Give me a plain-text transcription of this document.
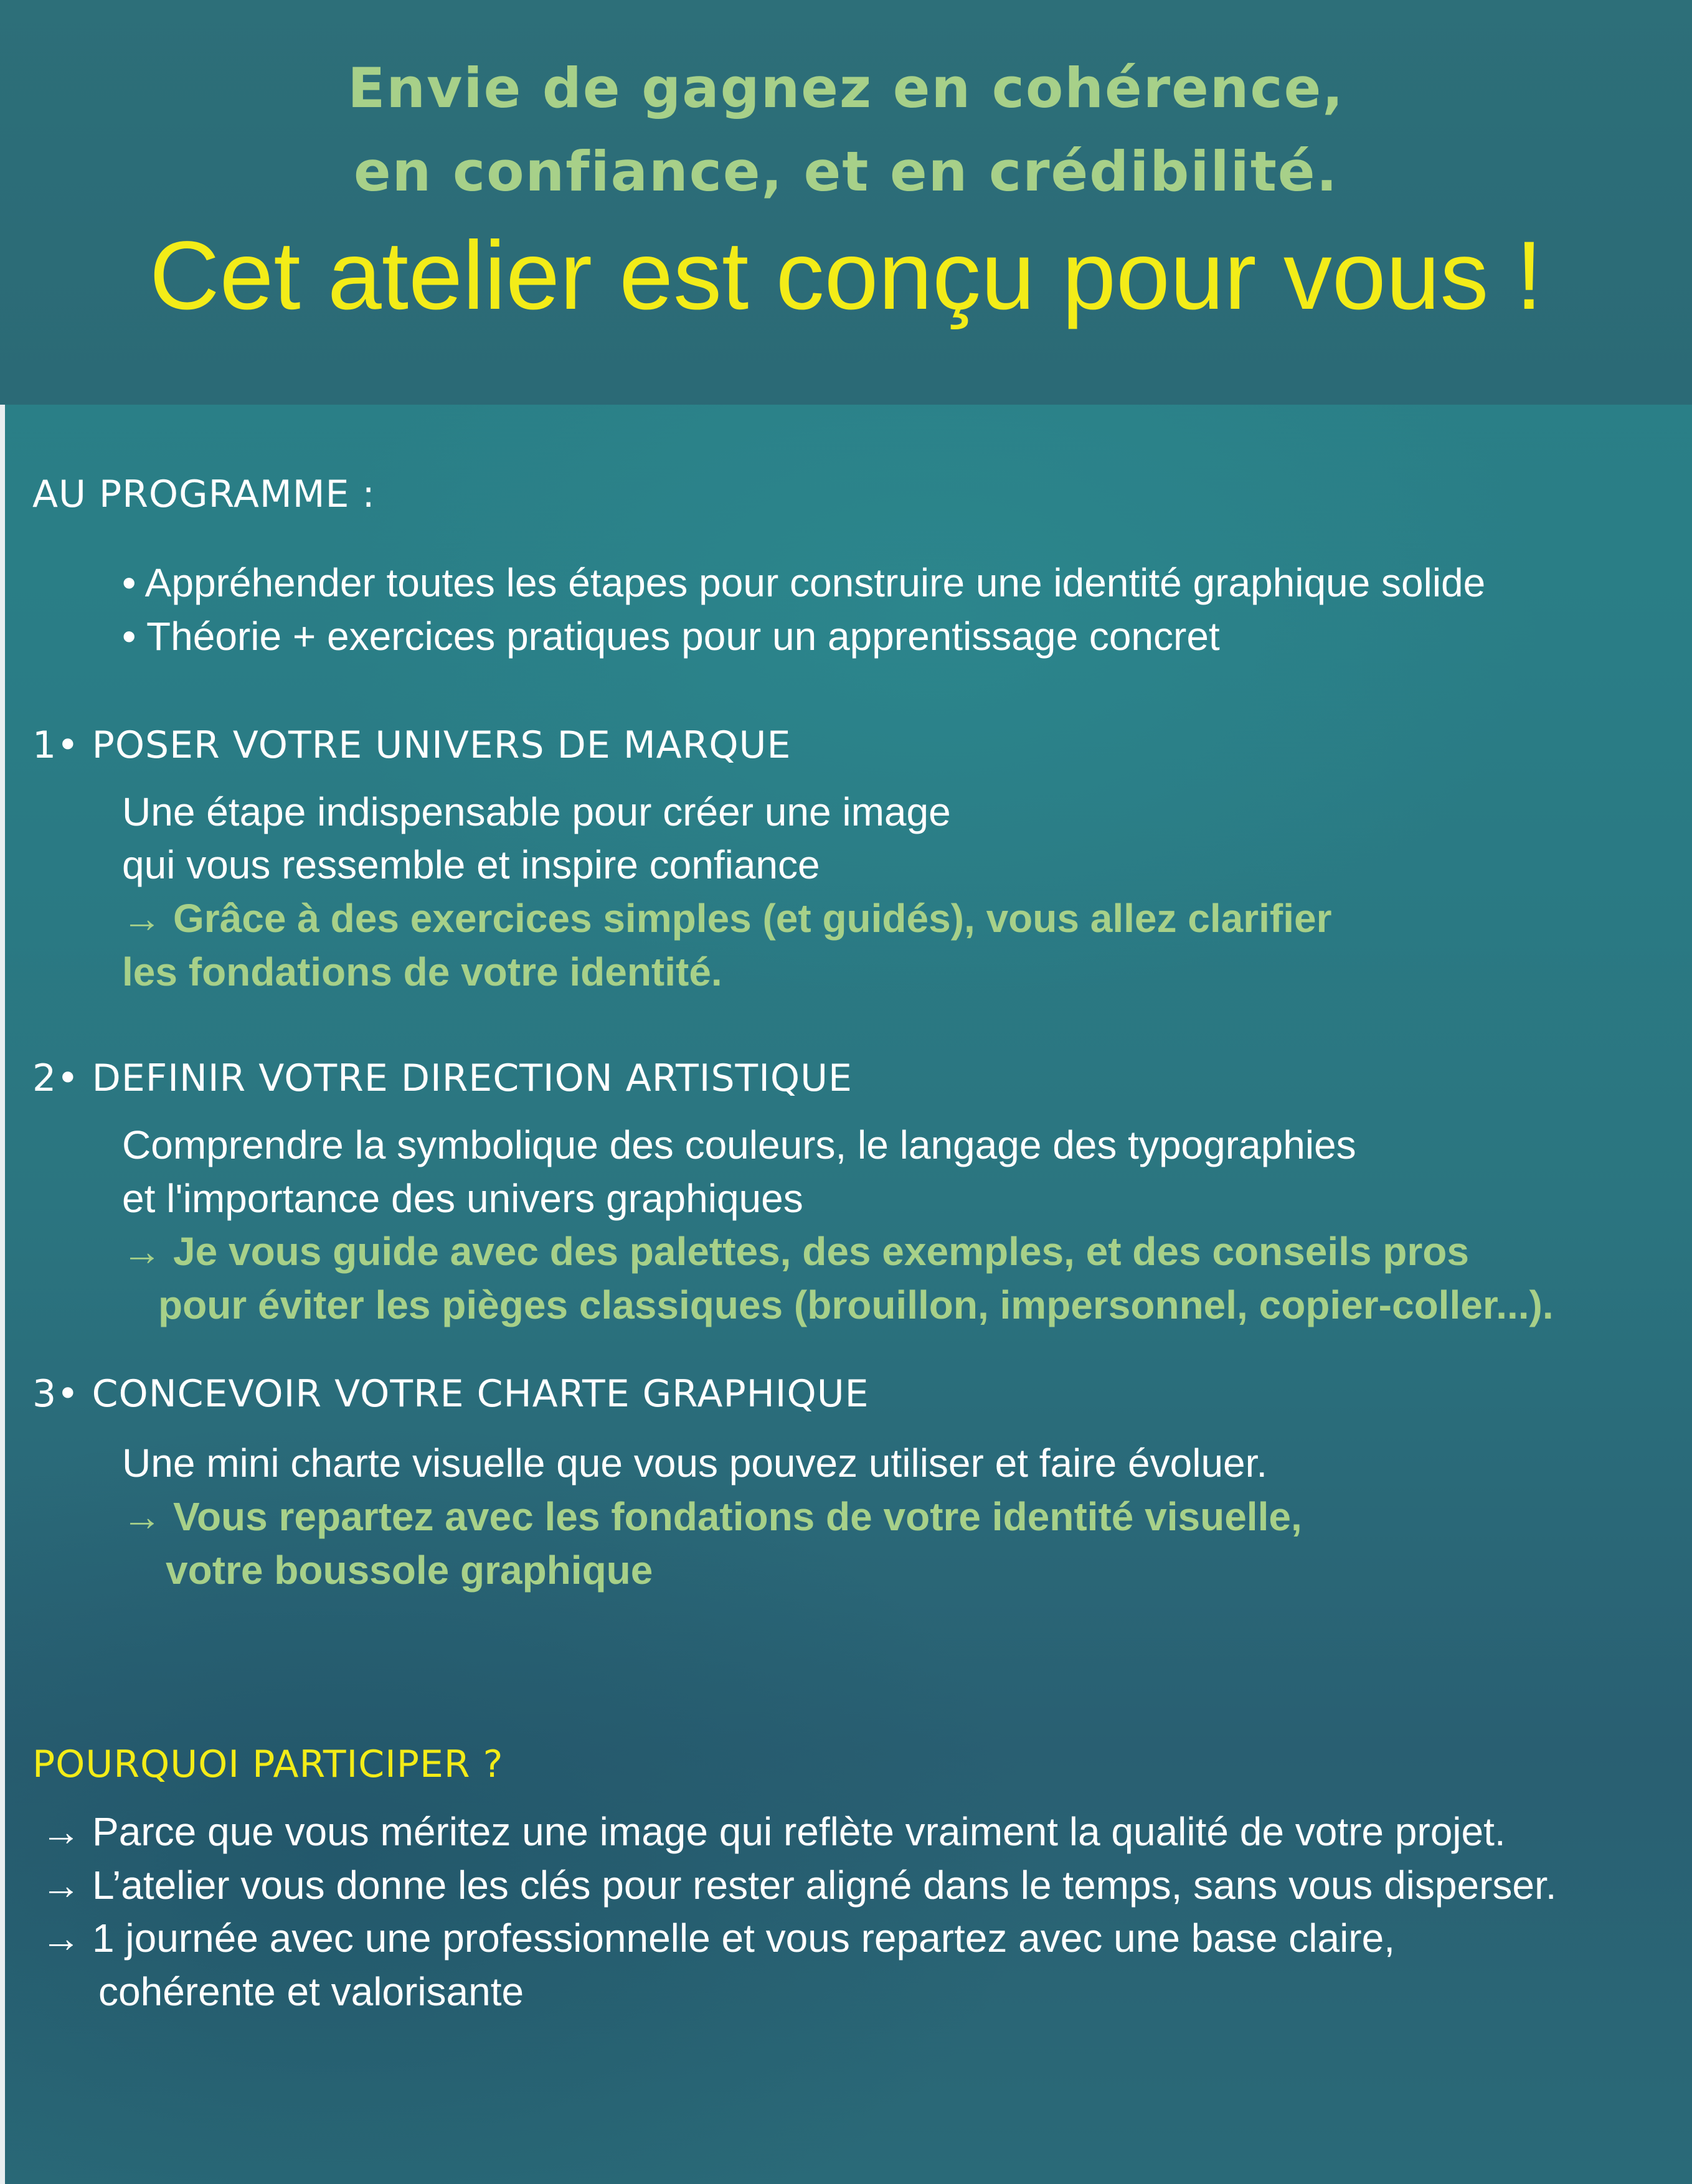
Envie de gagnez en cohérence,
en confiance, et en crédibilité.
Cet atelier est conçu pour vous !
AU PROGRAMME :
• Appréhender toutes les étapes pour construire une identité graphique solide
• Théorie + exercices pratiques pour un apprentissage concret
1• POSER VOTRE UNIVERS DE MARQUE
Une étape indispensable pour créer une image
qui vous ressemble et inspire confiance
→ Grâce à des exercices simples (et guidés), vous allez clarifier
les fondations de votre identité.
2• DEFINIR VOTRE DIRECTION ARTISTIQUE
Comprendre la symbolique des couleurs, le langage des typographies
et l'importance des univers graphiques
→ Je vous guide avec des palettes, des exemples, et des conseils pros
pour éviter les pièges classiques (brouillon, impersonnel, copier-coller...).
3• CONCEVOIR VOTRE CHARTE GRAPHIQUE
Une mini charte visuelle que vous pouvez utiliser et faire évoluer.
→ Vous repartez avec les fondations de votre identité visuelle,
votre boussole graphique
POURQUOI PARTICIPER ?
→ Parce que vous méritez une image qui reflète vraiment la qualité de votre projet.
→ L’atelier vous donne les clés pour rester aligné dans le temps, sans vous disperser.
→ 1 journée avec une professionnelle et vous repartez avec une base claire,
cohérente et valorisante
